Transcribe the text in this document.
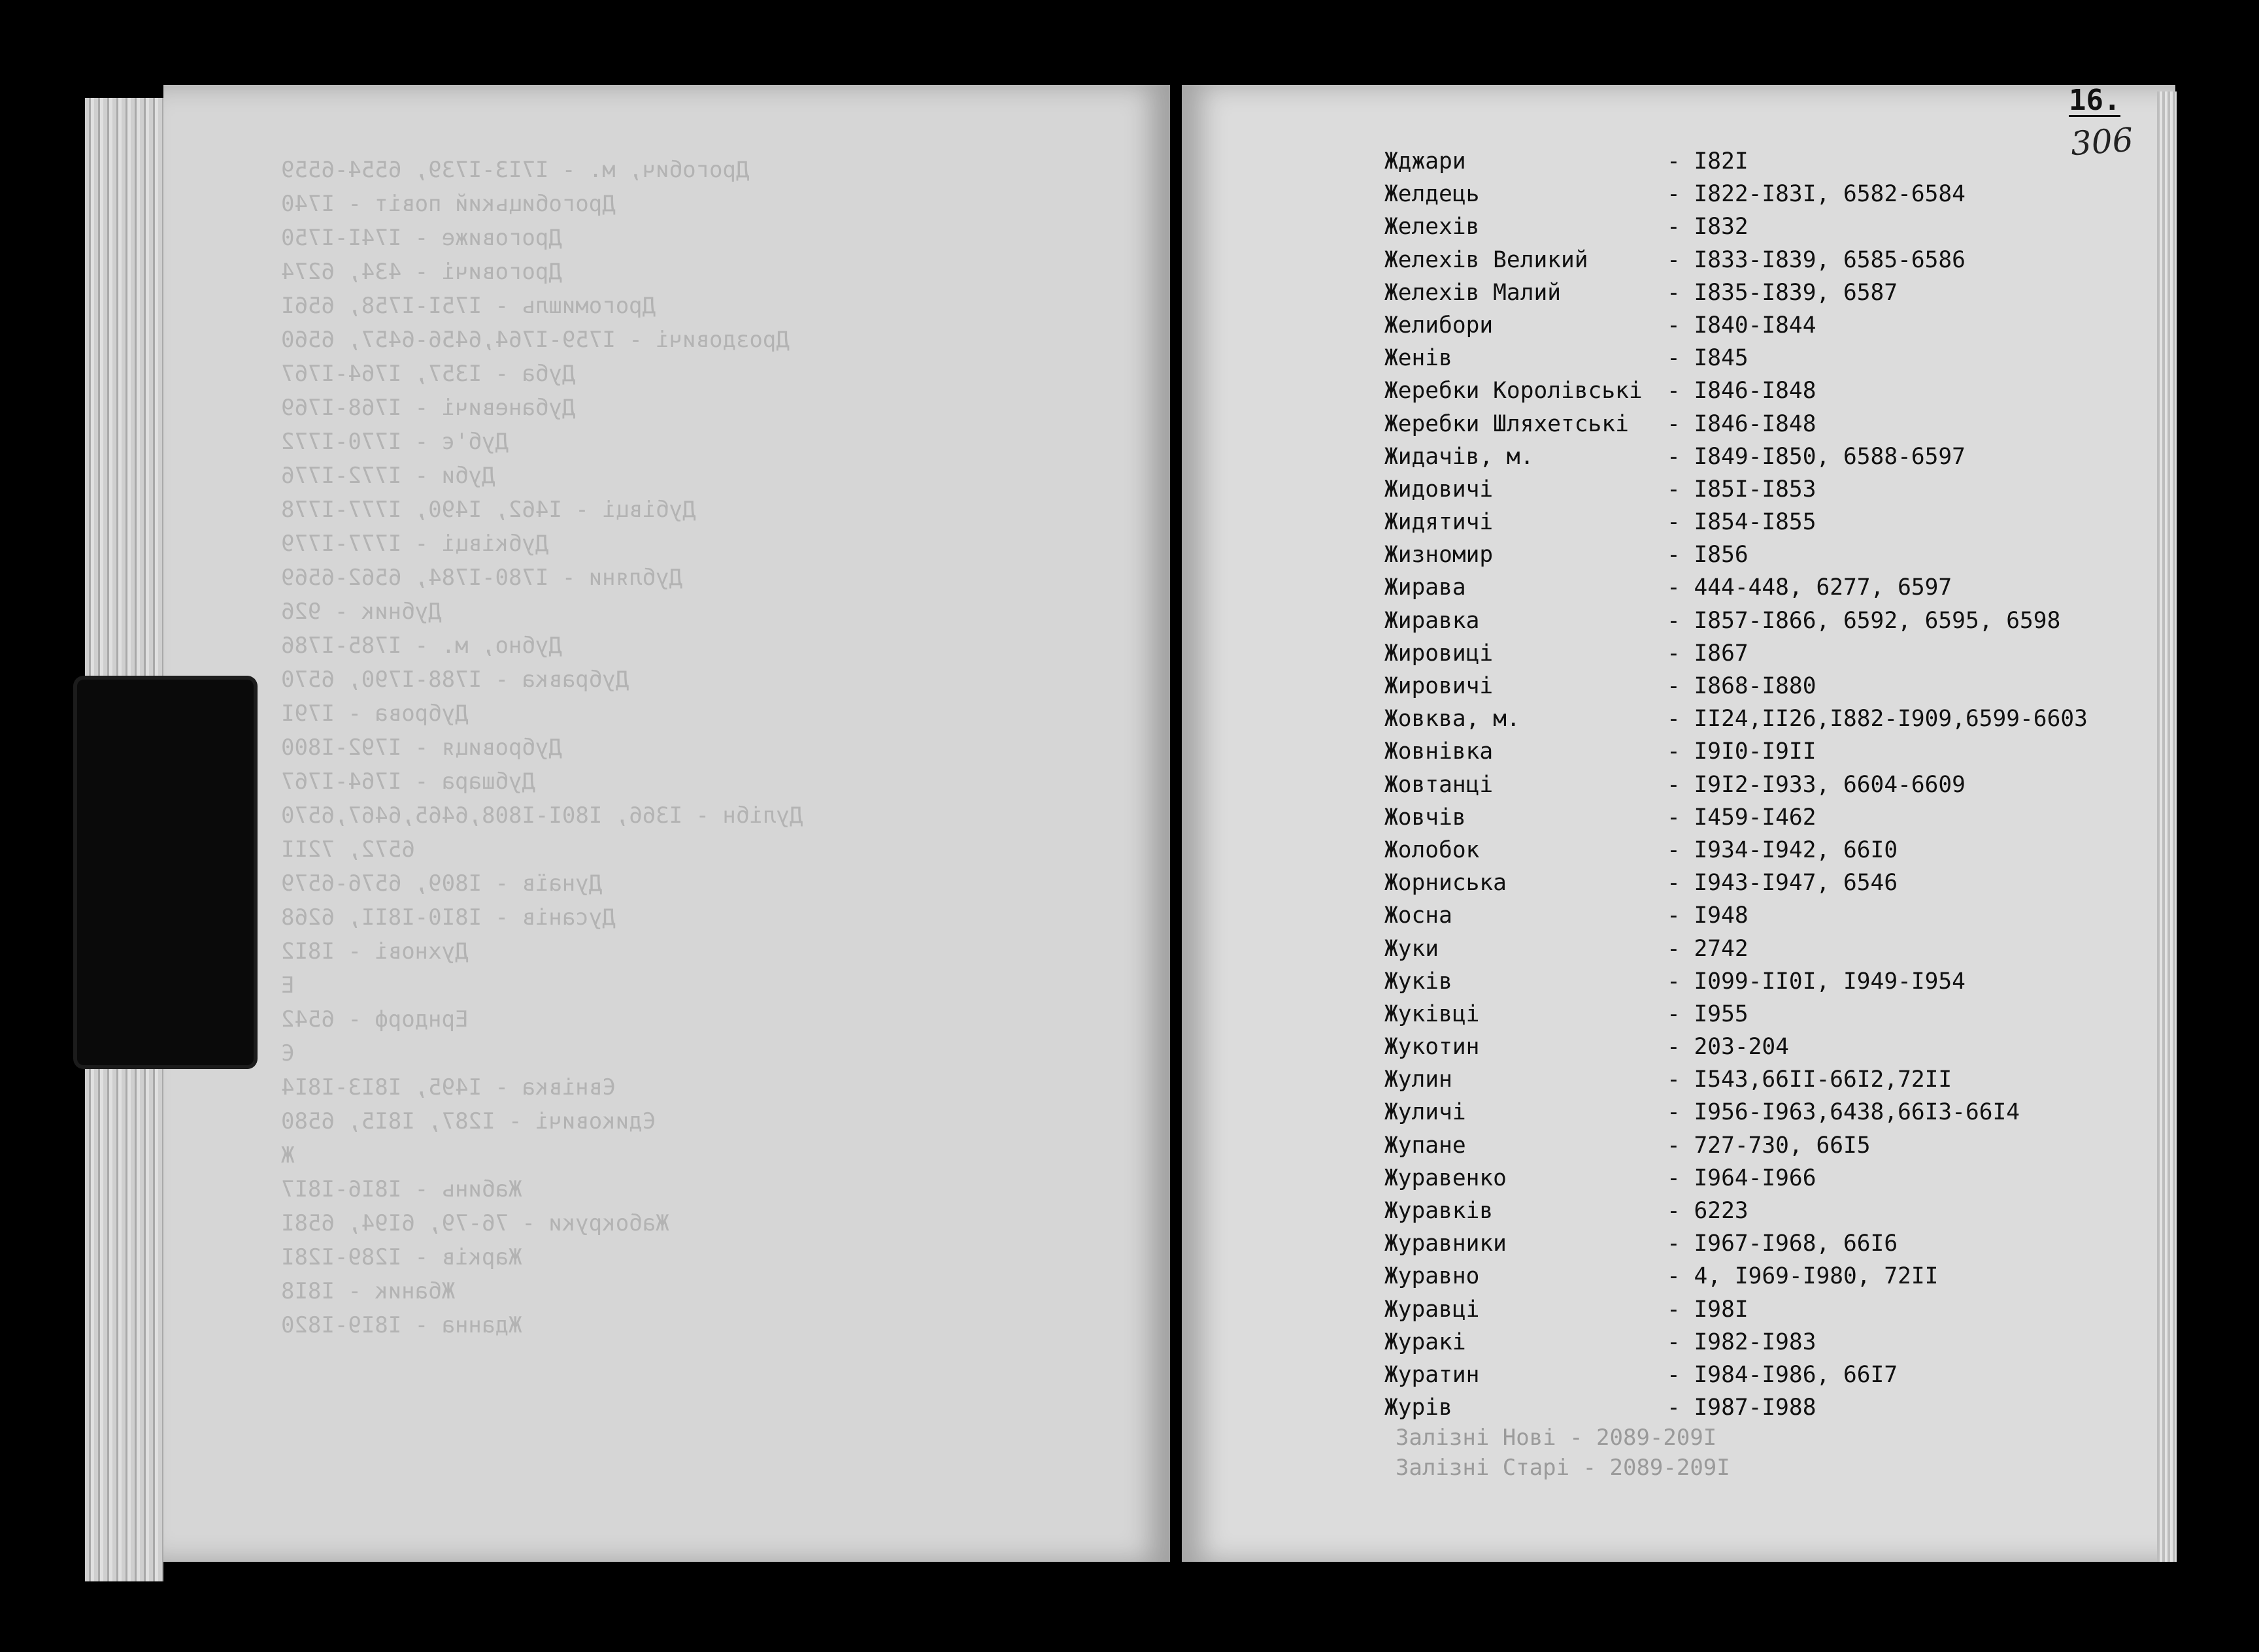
Дрогобич, м. - I7I3-I739, 6554-6559
Дрогобицький повіт - I740
Дроговиже - I74I-I750
Дроговичі - 434, 6274
Дрогомишль - I75I-I758, 656I
Дроздовичі - I759-I764,6456-6457, 6560
Дуба - I357, I764-I767
Дубаневичі - I768-I769
Дуб'є - I770-I772
Дуби - I772-I776
Дубівці - I462, I490, I777-I778
Дубківці - I777-I779
Дубляни - I780-I784, 6562-6569
Дубник - 926
Дубно, м. - I785-I786
Дубравка - I788-I790, 6570
Дуброва - I79I
Дубровиця - I792-I800
Дубшара - I764-I767
Дулібн - I366, I80I-I808,6465,6467,6570
6572, 72II
Дунаїв - I809, 6576-6579
Дусанів - I8I0-I8II, 6268
Духнові - I8I2
Е
Ерндорф - 6542
Є
Євнівка - I495, I8I3-I8I4
Єдиковичі - I287, I8I5, 6580
Ж
Жабинь - I8I6-I8I7
Жабокруки - 76-79, 6I94, 658I
Жарків - I289-I28I
Жбаник - I8I8
Жданна - I8I9-I820
16.
306
Жджари	- I82I
Желдець	- I822-I83I, 6582-6584
Желехів	- I832
Желехів Великий	- I833-I839, 6585-6586
Желехів Малий	- I835-I839, 6587
Желибори	- I840-I844
Женів	- I845
Жеребки Королівські - I846-I848
Жеребки Шляхетські - I846-I848
Жидачів, м.	- I849-I850, 6588-6597
Жидовичі	- I85I-I853
Жидятичі	- I854-I855
Жизномир	- I856
Жирава	- 444-448, 6277, 6597
Жиравка	- I857-I866, 6592, 6595, 6598
Жировиці	- I867
Жировичі	- I868-I880
Жовква, м.	- II24,II26,I882-I909,6599-6603
Жовнівка	- I9I0-I9II
Жовтанці	- I9I2-I933, 6604-6609
Жовчів	- I459-I462
Жолобок	- I934-I942, 66I0
Жорниська	- I943-I947, 6546
Жосна	- I948
Жуки	- 2742
Жуків	- I099-II0I, I949-I954
Жуківці	- I955
Жукотин	- 203-204
Жулин	- I543,66II-66I2,72II
Жуличі	- I956-I963,6438,66I3-66I4
Жупане	- 727-730, 66I5
Журавенко	- I964-I966
Журавків	- 6223
Журавники	- I967-I968, 66I6
Журавно	- 4, I969-I980, 72II
Журавці	- I98I
Журакі	- I982-I983
Журатин	- I984-I986, 66I7
Журів	- I987-I988
Залізні Нові - 2089-209I
Залізні Старі - 2089-209I
